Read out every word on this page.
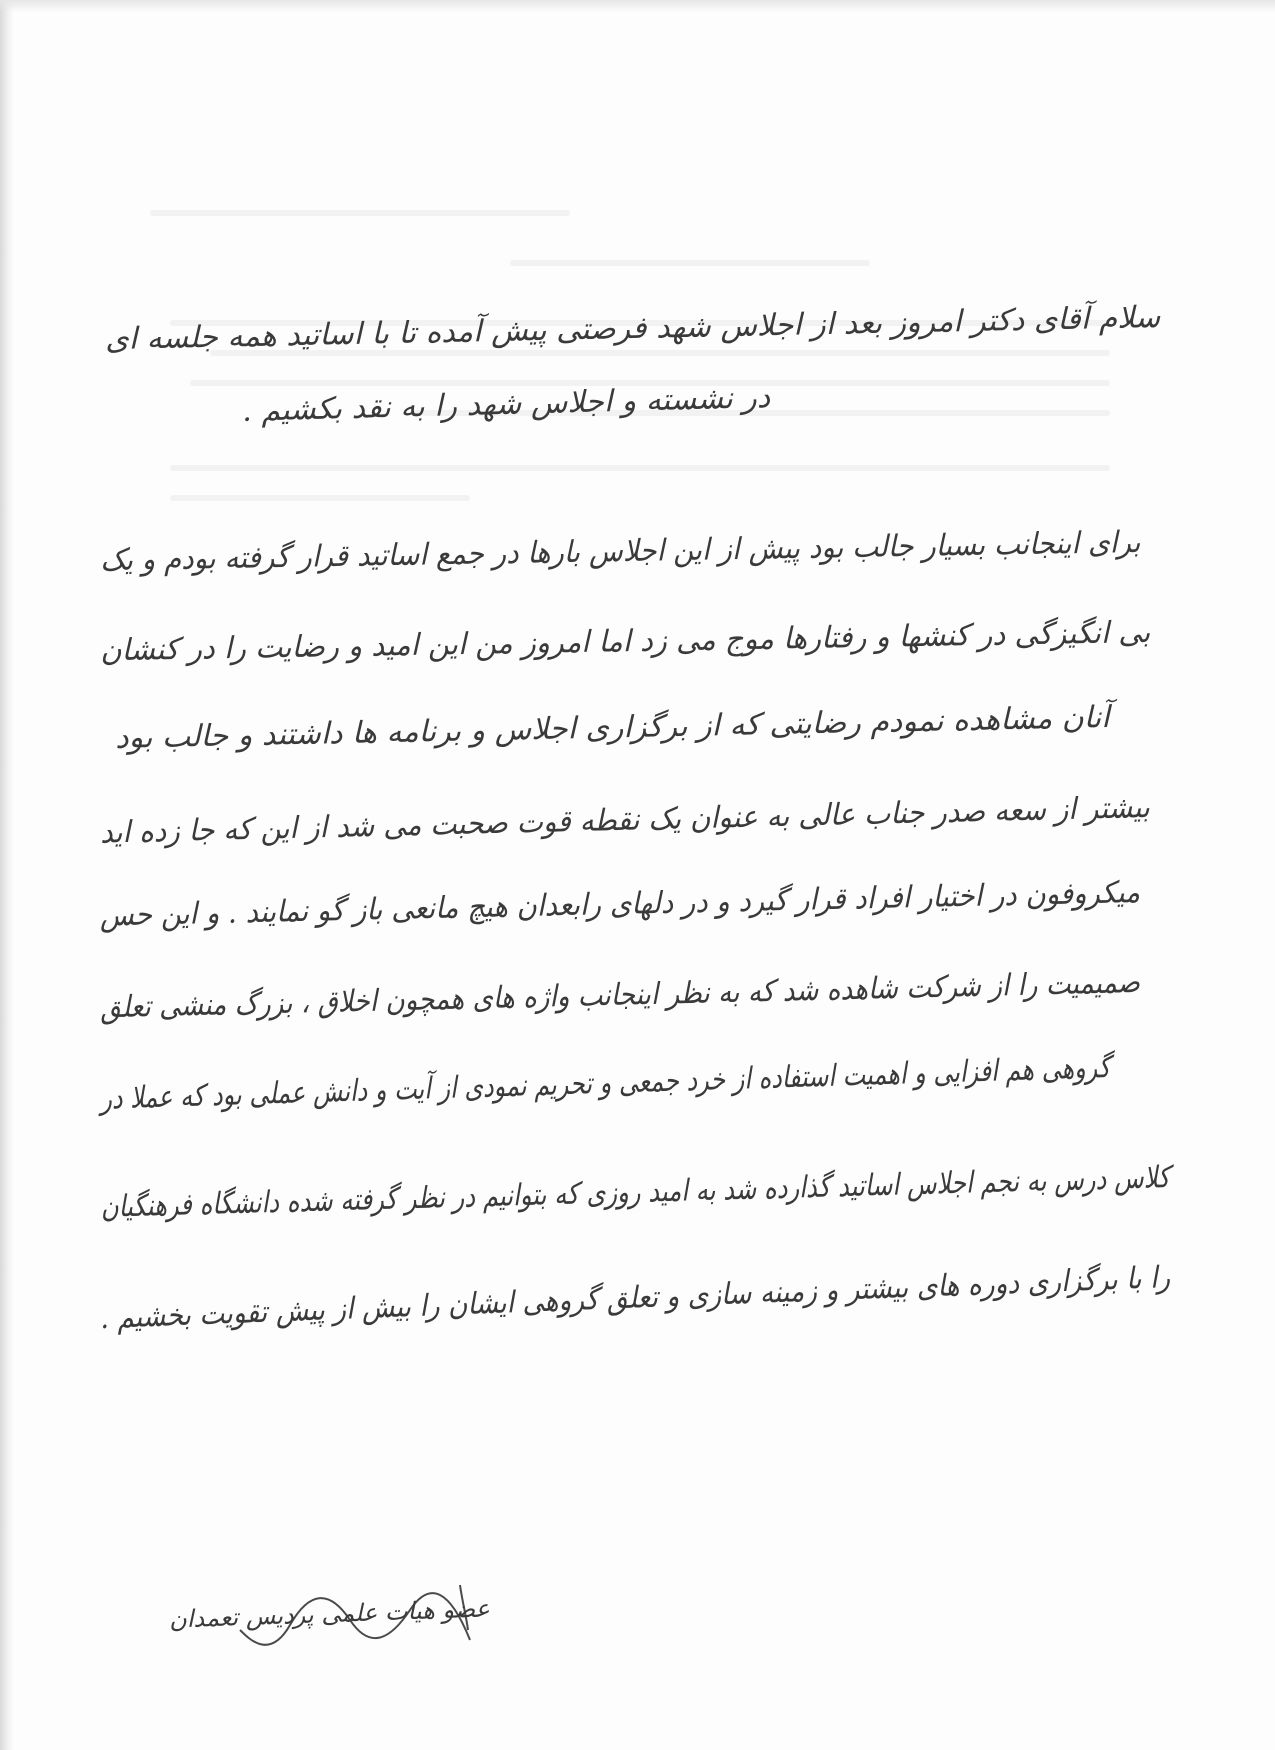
سلام آقای دکتر امروز بعد از اجلاس شهد فرصتی پیش آمده تا با اساتید همه جلسه ای
در نشسته و اجلاس شهد را به نقد بکشیم .
برای اینجانب بسیار جالب بود پیش از این اجلاس بارها در جمع اساتید قرار گرفته بودم و یک
بی انگیزگی در کنشها و رفتارها موج می زد اما امروز من این امید و رضایت را در کنشان
آنان مشاهده نمودم رضایتی که از برگزاری اجلاس و برنامه ها داشتند و جالب بود
بیشتر از سعه صدر جناب عالی به عنوان یک نقطه قوت صحبت می شد از این که جا زده اید
میکروفون در اختیار افراد قرار گیرد و در دلهای رابعدان هیچ مانعی باز گو نمایند . و این حس
صمیمیت را از شرکت شاهده شد که به نظر اینجانب واژه های همچون اخلاق ، بزرگ منشی تعلق
گروهی هم افزایی و اهمیت استفاده از خرد جمعی و تحریم نمودی از آیت و دانش عملی بود که عملا در
کلاس درس به نجم اجلاس اساتید گذارده شد به امید روزی که بتوانیم در نظر گرفته شده دانشگاه فرهنگیان
را با برگزاری دوره های بیشتر و زمینه سازی و تعلق گروهی ایشان را بیش از پیش تقویت بخشیم .
عضو هیات علمی پردیس تعمدان
